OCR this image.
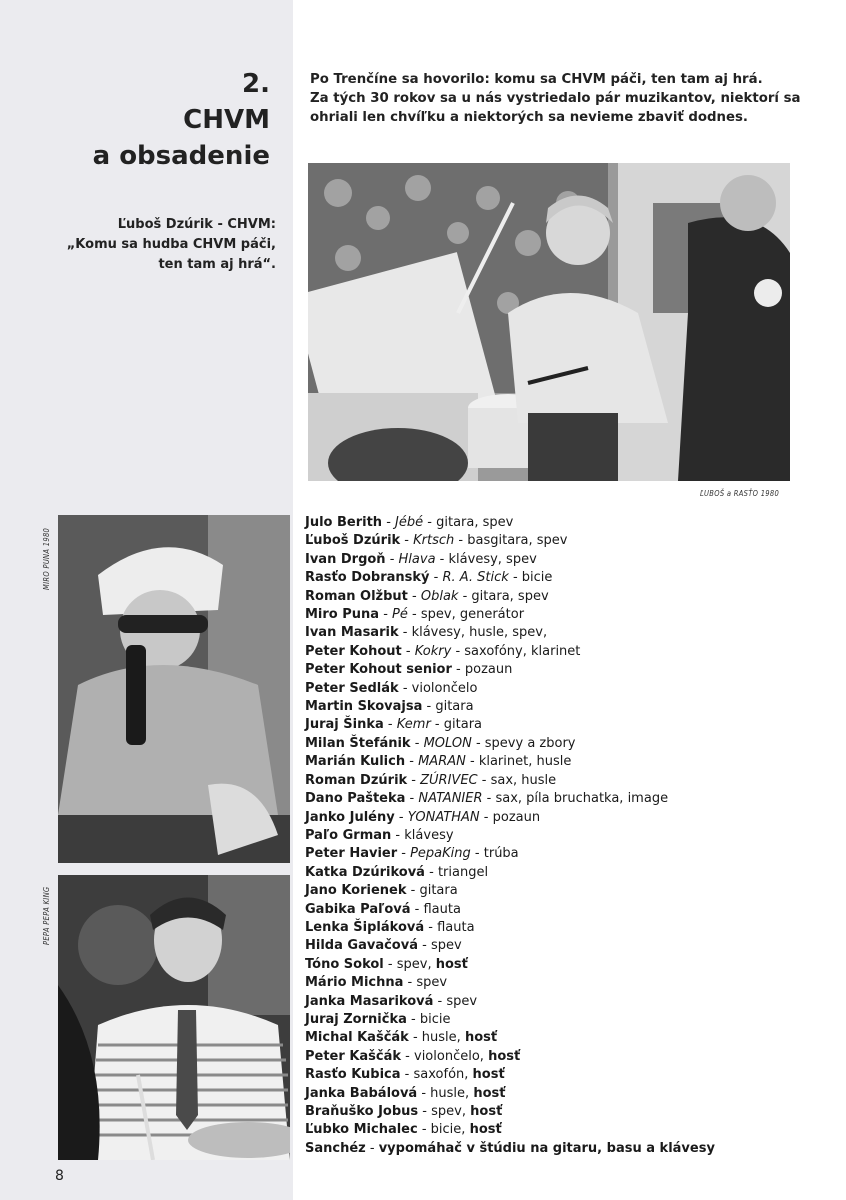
2.
CHVM
a obsadenie
Ľuboš Dzúrik - CHVM:
„Komu sa hudba CHVM páči,
ten tam aj hrá“.
Po Trenčíne sa hovorilo: komu sa CHVM páči, ten tam aj hrá.
Za tých 30 rokov sa u nás vystriedalo pár muzikantov, niektorí sa
ohriali len chvíľku a niektorých sa nevieme zbaviť dodnes.
ĽUBOŠ a RASŤO 1980
MIRO PUNA 1980
PEPA PEPA KING
Julo Berith - Jébé - gitara, spev
Ľuboš Dzúrik - Krtsch - basgitara, spev
Ivan Drgoň - Hlava - klávesy, spev
Rasťo Dobranský - R. A. Stick - bicie
Roman Olžbut - Oblak - gitara, spev
Miro Puna - Pé - spev, generátor
Ivan Masarik - klávesy, husle, spev,
Peter Kohout - Kokry - saxofóny, klarinet
Peter Kohout senior - pozaun
Peter Sedlák - violončelo
Martin Skovajsa - gitara
Juraj Šinka - Kemr - gitara
Milan Štefánik - MOLON - spevy a zbory
Marián Kulich - MARAN - klarinet, husle
Roman Dzúrik - ZÚRIVEC - sax, husle
Dano Pašteka - NATANIER - sax, píla bruchatka, image
Janko Julény - YONATHAN - pozaun
Paľo Grman - klávesy
Peter Havier - PepaKing - trúba
Katka Dzúriková - triangel
Jano Korienek - gitara
Gabika Paľová - flauta
Lenka Šipláková - flauta
Hilda Gavačová - spev
Tóno Sokol - spev, hosť
Mário Michna - spev
Janka Masariková - spev
Juraj Zornička - bicie
Michal Kaščák - husle, hosť
Peter Kaščák - violončelo, hosť
Rasťo Kubica - saxofón, hosť
Janka Babálová - husle, hosť
Braňuško Jobus - spev, hosť
Ľubko Michalec - bicie, hosť
Sanchéz - vypomáhač v štúdiu na gitaru, basu a klávesy
8
